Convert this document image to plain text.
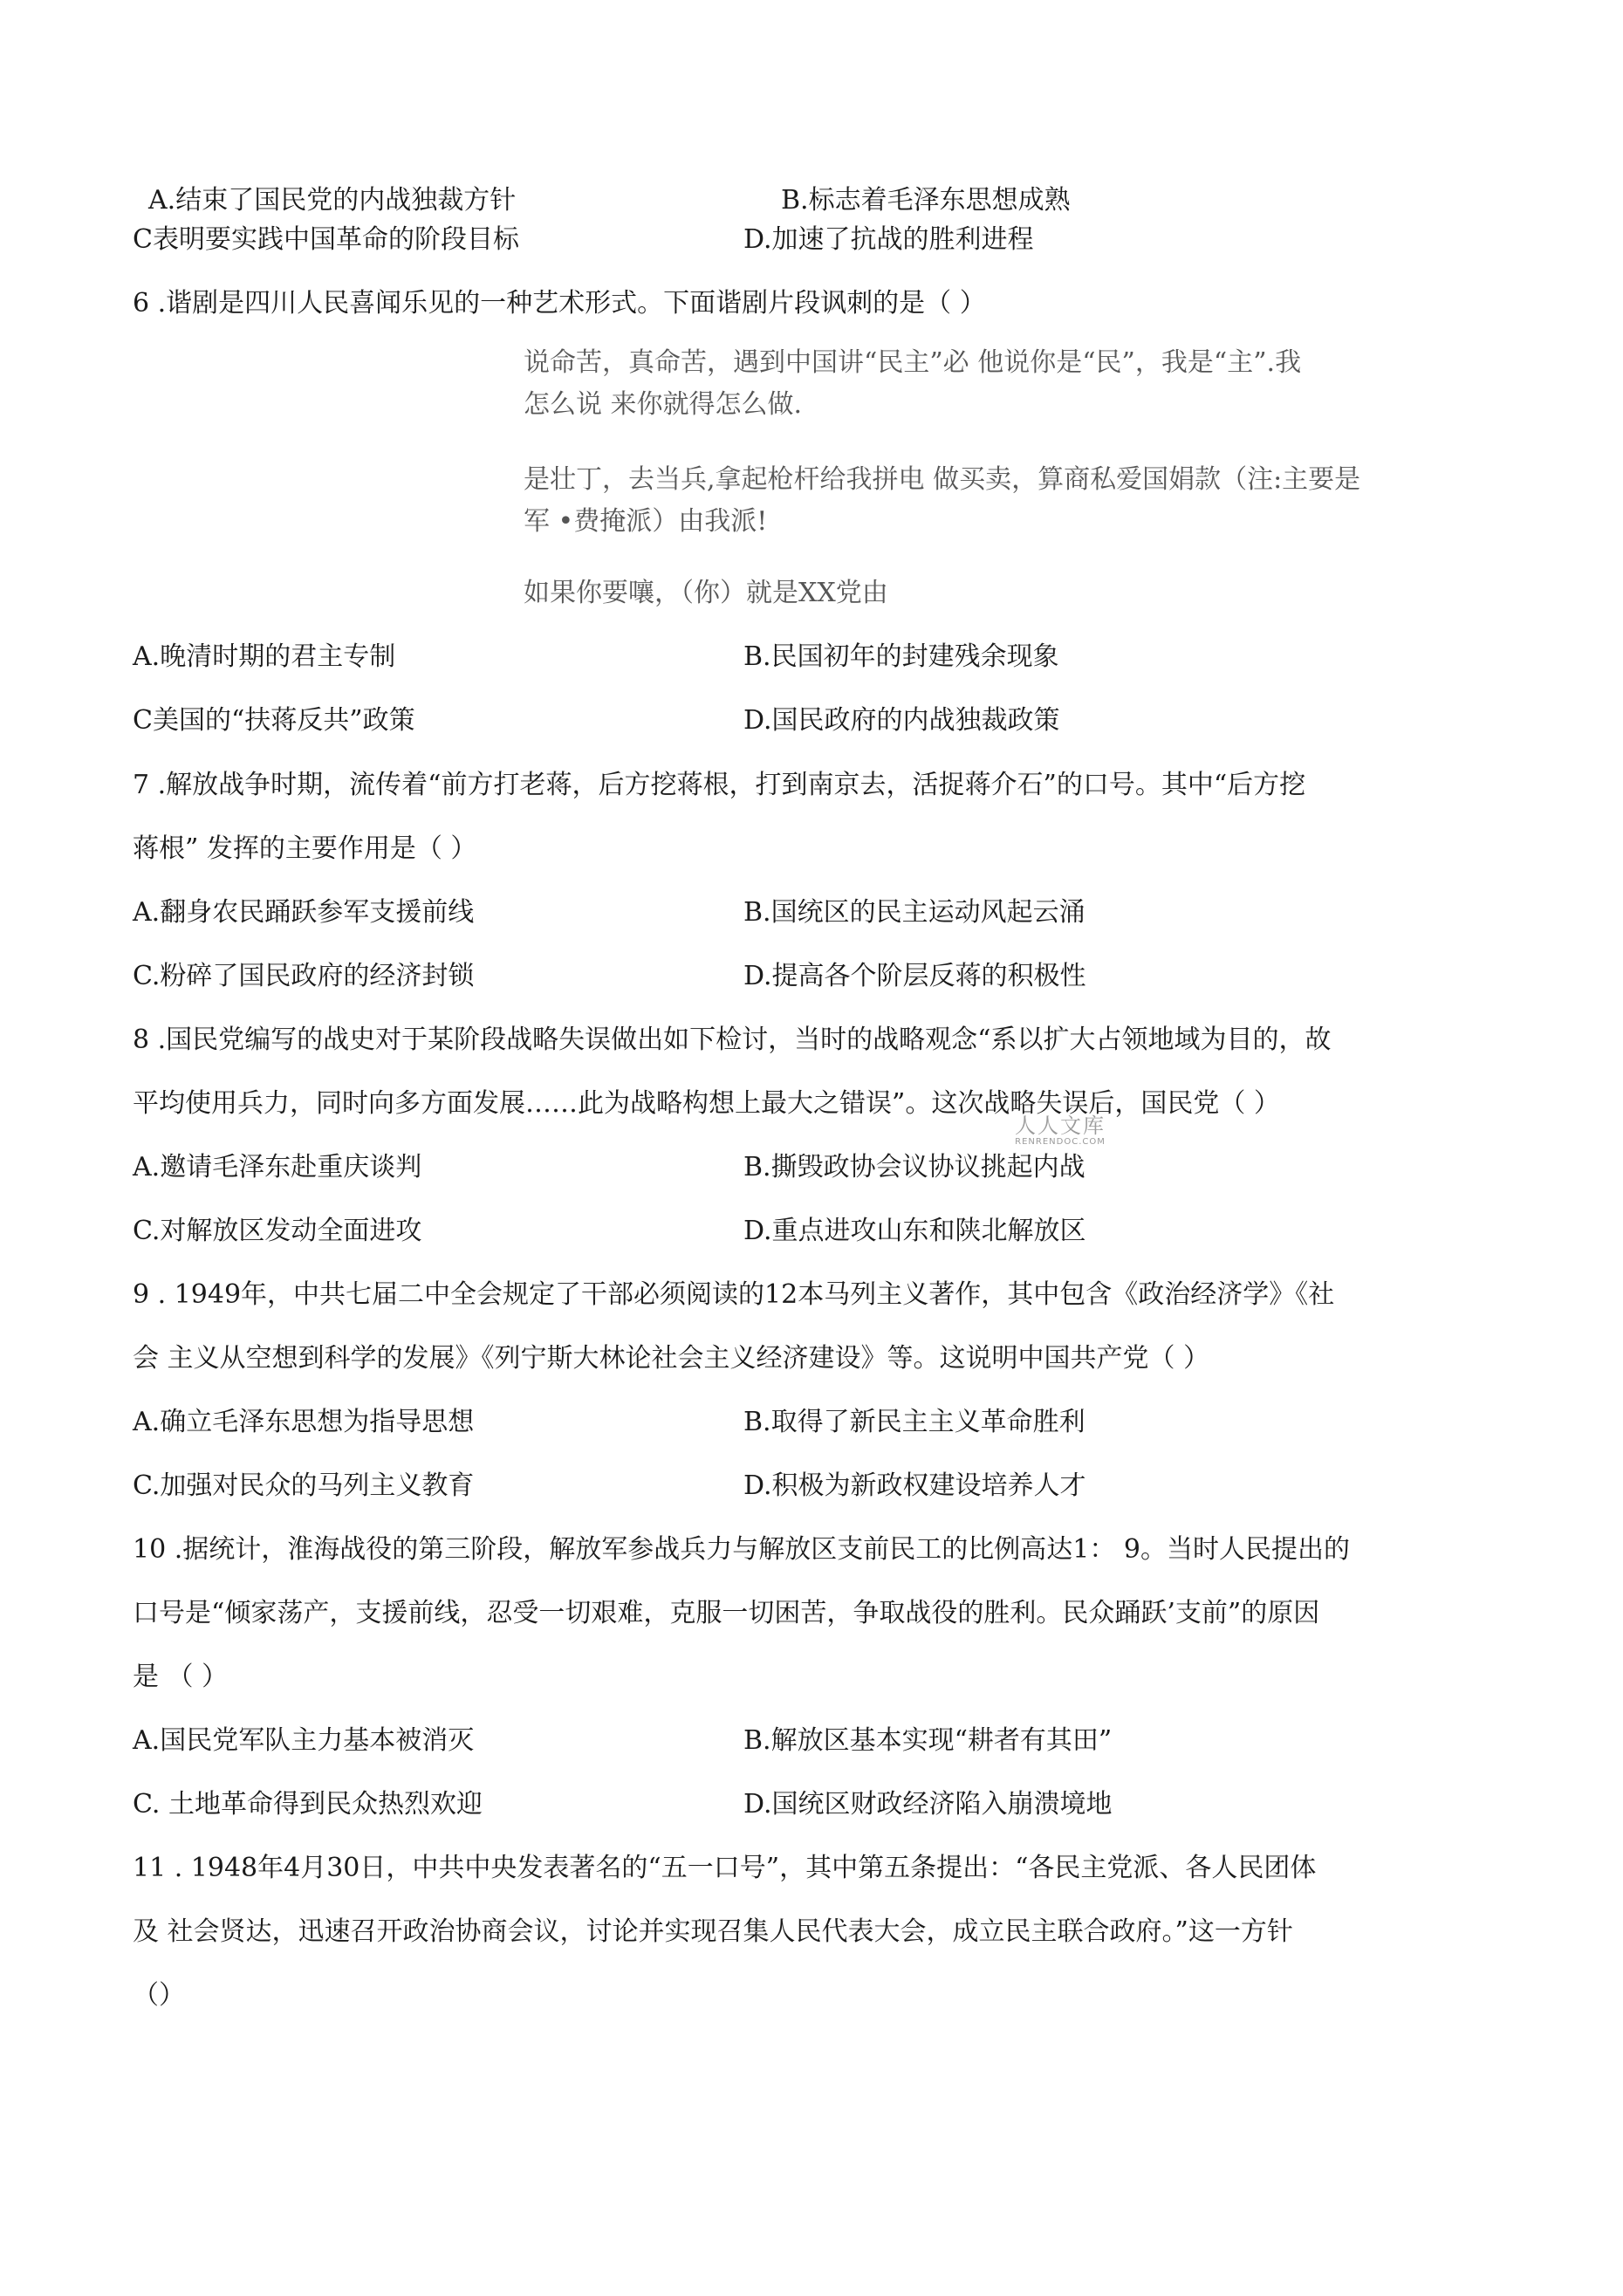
A.结束了国民党的内战独裁方针	B.标志着毛泽东思想成熟
C表明要实践中国革命的阶段目标	D.加速了抗战的胜利进程
6 .谐剧是四川人民喜闻乐见的一种艺术形式。下面谐剧片段讽刺的是（ ）
说命苦，真命苦，遇到中国讲“民主”必 他说你是“民”，我是“主”.我
怎么说 来你就得怎么做.
是壮丁，去当兵,拿起枪杆给我拼电 做买卖，算商私爱国娟款（注:主要是
军 •费掩派）由我派!
如果你要嚷，（你）就是XX党由
A.晚清时期的君主专制	B.民国初年的封建残余现象
C美国的“扶蒋反共”政策	D.国民政府的内战独裁政策
7 .解放战争时期，流传着“前方打老蒋，后方挖蒋根，打到南京去，活捉蒋介石”的口号。其中“后方挖
蒋根” 发挥的主要作用是（ ）
A.翻身农民踊跃参军支援前线	B.国统区的民主运动风起云涌
C.粉碎了国民政府的经济封锁	D.提高各个阶层反蒋的积极性
8 .国民党编写的战史对于某阶段战略失误做出如下检讨，当时的战略观念“系以扩大占领地域为目的，故
平均使用兵力，同时向多方面发展……此为战略构想上最大之错误”。这次战略失误后，国民党（ ）
A.邀请毛泽东赴重庆谈判	B.撕毁政协会议协议挑起内战
C.对解放区发动全面进攻	D.重点进攻山东和陕北解放区
9 . 1949年，中共七届二中全会规定了干部必须阅读的12本马列主义著作，其中包含《政治经济学》《社
会 主义从空想到科学的发展》《列宁斯大林论社会主义经济建设》等。这说明中国共产党（ ）
A.确立毛泽东思想为指导思想	B.取得了新民主主义革命胜利
C.加强对民众的马列主义教育	D.积极为新政权建设培养人才
10 .据统计，淮海战役的第三阶段，解放军参战兵力与解放区支前民工的比例高达1： 9。当时人民提出的
口号是“倾家荡产，支援前线，忍受一切艰难，克服一切困苦，争取战役的胜利。民众踊跃’支前”的原因
是 （ ）
A.国民党军队主力基本被消灭	B.解放区基本实现“耕者有其田”
C. 土地革命得到民众热烈欢迎	D.国统区财政经济陷入崩溃境地
11 . 1948年4月30日，中共中央发表著名的“五一口号”，其中第五条提出：“各民主党派、各人民团体
及 社会贤达，迅速召开政治协商会议，讨论并实现召集人民代表大会，成立民主联合政府。”这一方针
（）
人人文库
RENRENDOC.COM
